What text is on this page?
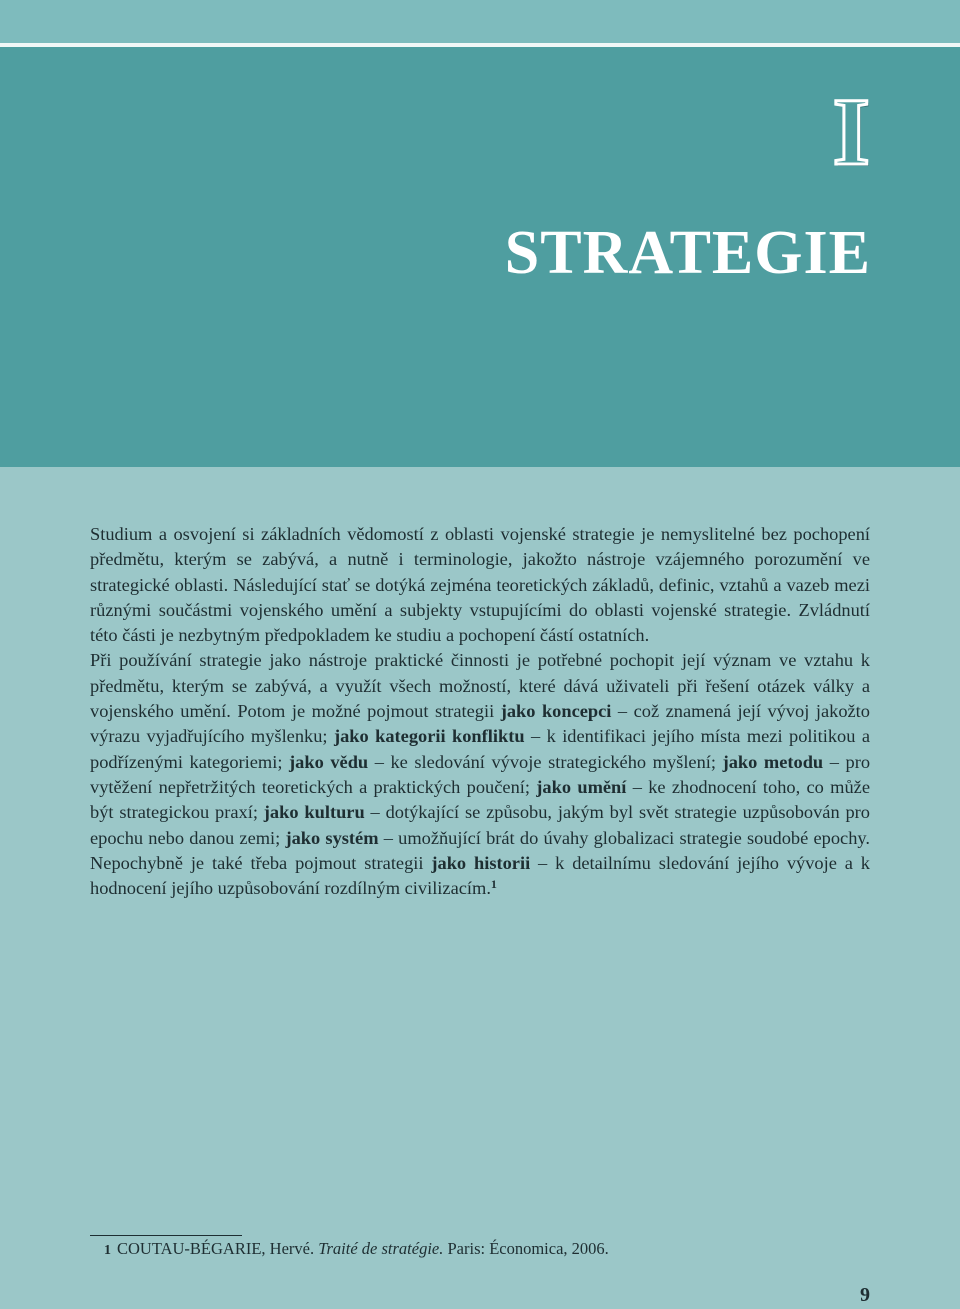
I
STRATEGIE

Studium a osvojení si základních vědomostí z oblasti vojenské strategie je nemyslitelné bez pochopení předmětu, kterým se zabývá, a nutně i terminologie, jakožto nástroje vzájemného porozumění ve strategické oblasti. Následující stať se dotýká zejména teoretických základů, definic, vztahů a vazeb mezi různými součástmi vojenského umění a subjekty vstupujícími do oblasti vojenské strategie. Zvládnutí této části je nezbytným předpokladem ke studiu a pochopení částí ostatních.

Při používání strategie jako nástroje praktické činnosti je potřebné pochopit její význam ve vztahu k předmětu, kterým se zabývá, a využít všech možností, které dává uživateli při řešení otázek války a vojenského umění. Potom je možné pojmout strategii jako koncepci – což znamená její vývoj jakožto výrazu vyjadřujícího myšlenku; jako kategorii konfliktu – k identifikaci jejího místa mezi politikou a podřízenými kategoriemi; jako vědu – ke sledování vývoje strategického myšlení; jako metodu – pro vytěžení nepřetržitých teoretických a praktických poučení; jako umění – ke zhodnocení toho, co může být strategickou praxí; jako kulturu – dotýkající se způsobu, jakým byl svět strategie uzpůsobován pro epochu nebo danou zemi; jako systém – umožňující brát do úvahy globalizaci strategie soudobé epochy. Nepochybně je také třeba pojmout strategii jako historii – k detailnímu sledování jejího vývoje a k hodnocení jejího uzpůsobování rozdílným civilizacím.$^1$

1 COUTAU-BÉGARIE, Hervé. Traité de stratégie. Paris: Économica, 2006.
9
